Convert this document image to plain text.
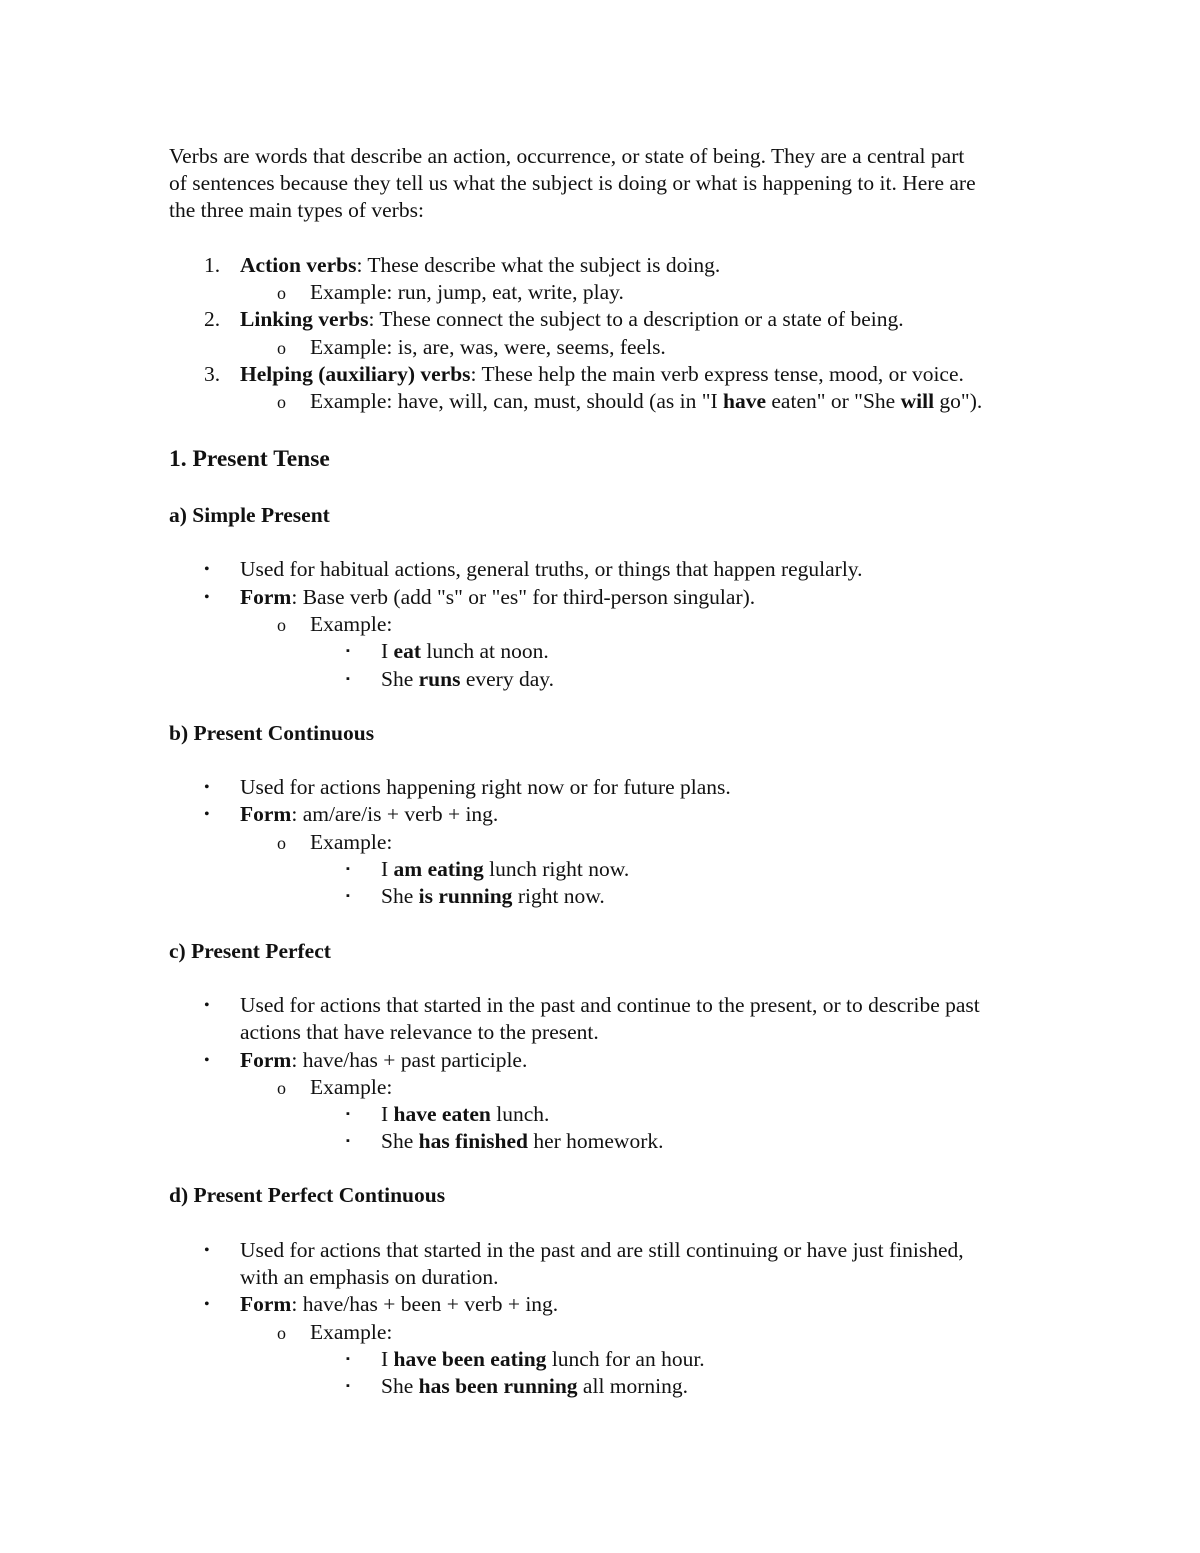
Verbs are words that describe an action, occurrence, or state of being. They are a central part
of sentences because they tell us what the subject is doing or what is happening to it. Here are
the three main types of verbs:
1. Action verbs: These describe what the subject is doing.
o Example: run, jump, eat, write, play.
2. Linking verbs: These connect the subject to a description or a state of being.
o Example: is, are, was, were, seems, feels.
3. Helping (auxiliary) verbs: These help the main verb express tense, mood, or voice.
o Example: have, will, can, must, should (as in "I have eaten" or "She will go").
1. Present Tense
a) Simple Present
• Used for habitual actions, general truths, or things that happen regularly.
• Form: Base verb (add "s" or "es" for third-person singular).
o Example:
▪ I eat lunch at noon.
▪ She runs every day.
b) Present Continuous
• Used for actions happening right now or for future plans.
• Form: am/are/is + verb + ing.
o Example:
▪ I am eating lunch right now.
▪ She is running right now.
c) Present Perfect
• Used for actions that started in the past and continue to the present, or to describe past
actions that have relevance to the present.
• Form: have/has + past participle.
o Example:
▪ I have eaten lunch.
▪ She has finished her homework.
d) Present Perfect Continuous
• Used for actions that started in the past and are still continuing or have just finished,
with an emphasis on duration.
• Form: have/has + been + verb + ing.
o Example:
▪ I have been eating lunch for an hour.
▪ She has been running all morning.
